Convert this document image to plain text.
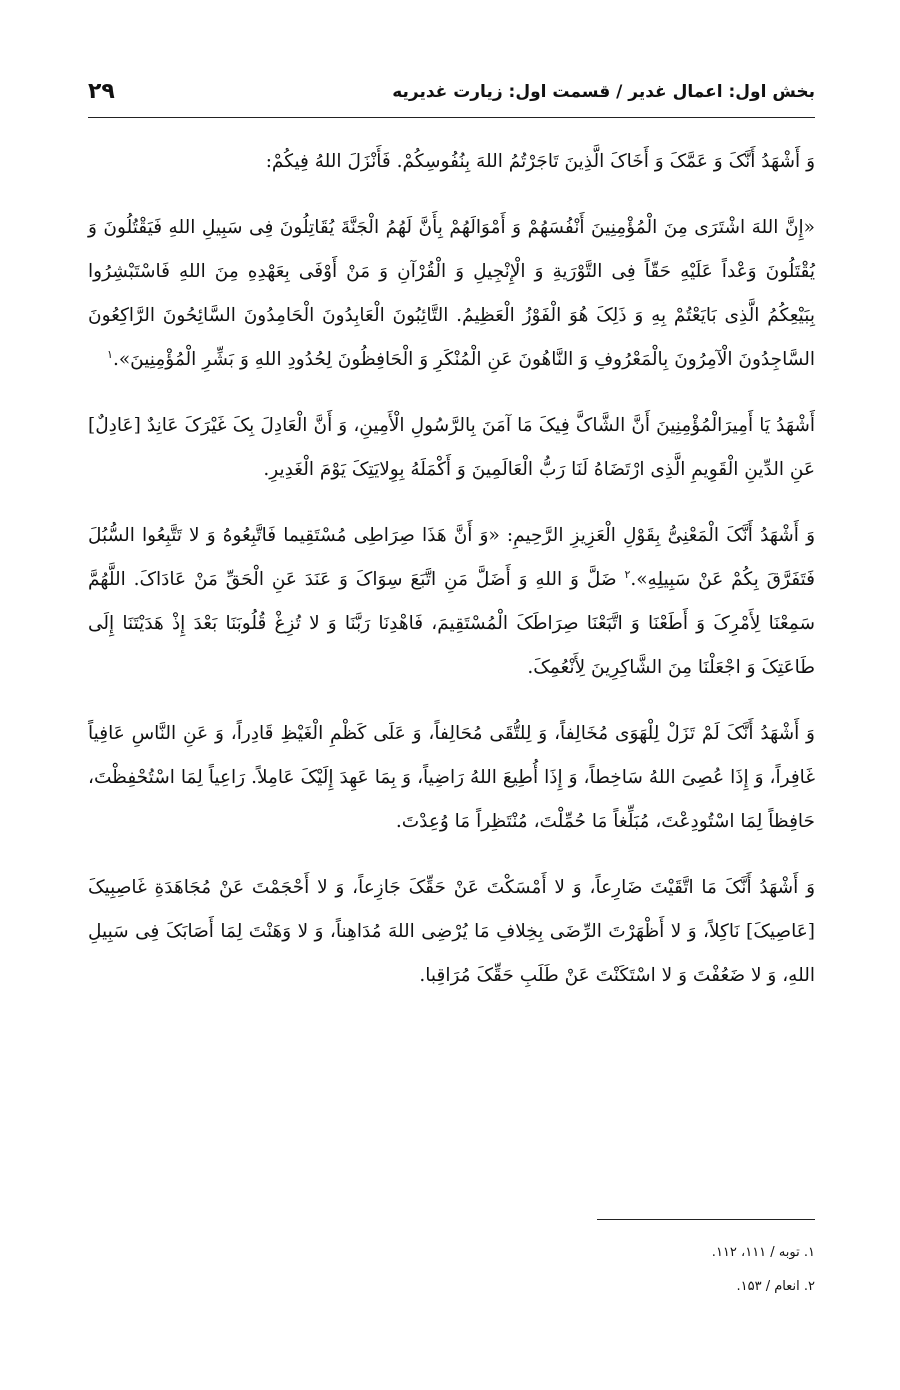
بخش اول: اعمال غدیر / قسمت اول: زیارت غدیریه
۲۹

وَ أَشْهَدُ أَنَّکَ وَ عَمَّکَ وَ أَخَاکَ الَّذِینَ تَاجَرْتُمُ اللهَ بِنُفُوسِکُمْ. فَأَنْزَلَ اللهُ فِیکُمْ:

«إِنَّ اللهَ اشْتَرَى مِنَ الْمُؤْمِنِینَ أَنْفُسَهُمْ وَ أَمْوَالَهُمْ بِأَنَّ لَهُمُ الْجَنَّةَ یُقَاتِلُونَ فِی سَبِیلِ اللهِ فَیَقْتُلُونَ وَ یُقْتَلُونَ وَعْداً عَلَیْهِ حَقّاً فِی التَّوْرَیةِ وَ الْإِنْجِیلِ وَ الْقُرْآنِ وَ مَنْ أَوْفَى بِعَهْدِهِ مِنَ اللهِ فَاسْتَبْشِرُوا بِبَیْعِکُمُ الَّذِی بَایَعْتُمْ بِهِ وَ ذَلِکَ هُوَ الْفَوْزُ الْعَظِیمُ. التَّائِبُونَ الْعَابِدُونَ الْحَامِدُونَ السَّائِحُونَ الرَّاکِعُونَ السَّاجِدُونَ الْآمِرُونَ بِالْمَعْرُوفِ وَ النَّاهُونَ عَنِ الْمُنْکَرِ وَ الْحَافِظُونَ لِحُدُودِ اللهِ وَ بَشِّرِ الْمُؤْمِنِینَ».$^۱$

أَشْهَدُ یَا أَمِیرَالْمُؤْمِنِینَ أَنَّ الشَّاکَّ فِیکَ مَا آمَنَ بِالرَّسُولِ الْأَمِینِ، وَ أَنَّ الْعَادِلَ بِکَ غَیْرَکَ عَانِدٌ [عَادِلٌ] عَنِ الدِّینِ الْقَوِیمِ الَّذِی ارْتَضَاهُ لَنَا رَبُّ الْعَالَمِینَ وَ أَکْمَلَهُ بِوِلایَتِکَ یَوْمَ الْغَدِیرِ.

وَ أَشْهَدُ أَنَّکَ الْمَعْنِیُّ بِقَوْلِ الْعَزِیزِ الرَّحِیمِ: «وَ أَنَّ هَذَا صِرَاطِی مُسْتَقِیما فَاتَّبِعُوهُ وَ لا تَتَّبِعُوا السُّبُلَ فَتَفَرَّقَ بِکُمْ عَنْ سَبِیلِهِ».$^۲$ ضَلَّ وَ اللهِ وَ أَضَلَّ مَنِ اتَّبَعَ سِوَاکَ وَ عَنَدَ عَنِ الْحَقِّ مَنْ عَادَاکَ. اللَّهُمَّ سَمِعْنَا لِأَمْرِکَ وَ أَطَعْنَا وَ اتَّبَعْنَا صِرَاطَکَ الْمُسْتَقِیمَ، فَاهْدِنَا رَبَّنَا وَ لا تُزِغْ قُلُوبَنَا بَعْدَ إِذْ هَدَیْتَنَا إِلَى طَاعَتِکَ وَ اجْعَلْنَا مِنَ الشَّاکِرِینَ لِأَنْعُمِکَ.

وَ أَشْهَدُ أَنَّکَ لَمْ تَزَلْ لِلْهَوَى مُخَالِفاً، وَ لِلتُّقَى مُحَالِفاً، وَ عَلَى کَظْمِ الْغَیْظِ قَادِراً، وَ عَنِ النَّاسِ عَافِیاً غَافِراً، وَ إِذَا عُصِیَ اللهُ سَاخِطاً، وَ إِذَا أُطِیعَ اللهُ رَاضِیاً، وَ بِمَا عَهِدَ إِلَیْکَ عَامِلاً. رَاعِیاً لِمَا اسْتُحْفِظْتَ، حَافِظاً لِمَا اسْتُودِعْتَ، مُبَلِّغاً مَا حُمِّلْتَ، مُنْتَظِراً مَا وُعِدْتَ.

وَ أَشْهَدُ أَنَّکَ مَا اتَّقَیْتَ ضَارِعاً، وَ لا أَمْسَکْتَ عَنْ حَقِّکَ جَازِعاً، وَ لا أَحْجَمْتَ عَنْ مُجَاهَدَةِ غَاصِبِیکَ [عَاصِیکَ] نَاکِلاً، وَ لا أَظْهَرْتَ الرِّضَى بِخِلافِ مَا یُرْضِی اللهَ مُدَاهِناً، وَ لا وَهَنْتَ لِمَا أَصَابَکَ فِی سَبِیلِ اللهِ، وَ لا ضَعُفْتَ وَ لا اسْتَکَنْتَ عَنْ طَلَبِ حَقِّکَ مُرَاقِبا.

۱. توبه / ۱۱۱، ۱۱۲.
۲. انعام / ۱۵۳.
